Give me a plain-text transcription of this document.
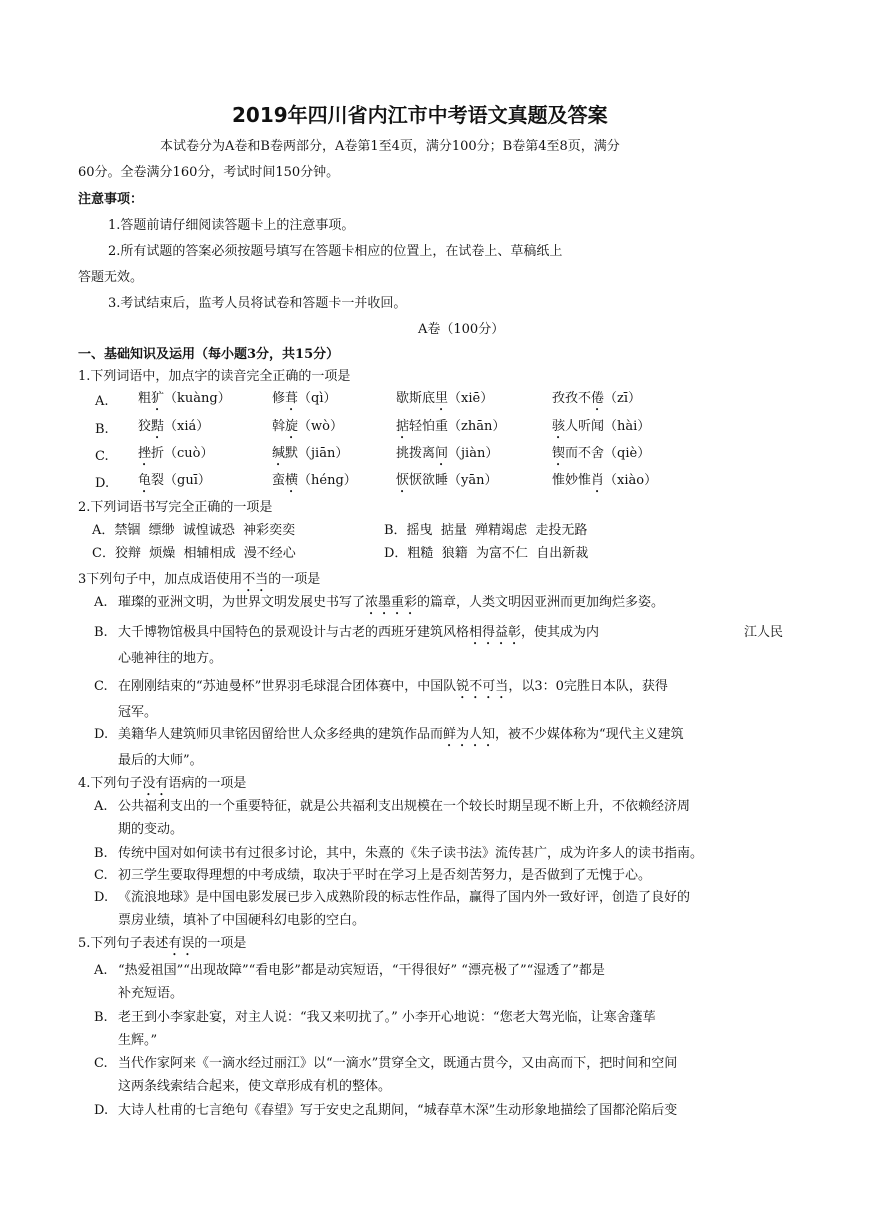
2019年四川省内江市中考语文真题及答案
本试卷分为A卷和B卷两部分，A卷第1至4页，满分100分；B卷第4至8页，满分
60分。全卷满分160分，考试时间150分钟。
注意事项：
1.答题前请仔细阅读答题卡上的注意事项。
2.所有试题的答案必须按题号填写在答题卡相应的位置上，在试卷上、草稿纸上
答题无效。
3.考试结束后，监考人员将试卷和答题卡一并收回。
A卷（100分）
一、基础知识及运用（每小题3分，共15分）
1.下列词语中，加点字的读音完全正确的一项是
A. 粗犷（kuàng）	修葺（qì）	歇斯底里（xiē）	孜孜不倦（zī）
B. 狡黠（xiá）	斡旋（wò）	掂轻怕重（zhān）	骇人听闻（hài）
C. 挫折（cuò）	缄默（jiān）	挑拨离间（jiàn）	锲而不舍（qiè）
D. 龟裂（guī）	蛮横（héng）	恹恹欲睡（yān）	惟妙惟肖（xiào）
2.下列词语书写完全正确的一项是
A．禁锢  缥缈  诚惶诚恐  神彩奕奕	B．摇曳  掂量  殚精竭虑  走投无路
C．狡辩  烦燥  相辅相成  漫不经心	D．粗糙  狼籍  为富不仁  自出新裁
3下列句子中，加点成语使用不当的一项是
A. 璀璨的亚洲文明，为世界文明发展史书写了浓墨重彩的篇章，人类文明因亚洲而更加绚烂多姿。
B. 大千博物馆极具中国特色的景观设计与古老的西班牙建筑风格相得益彰，使其成为内	江人民
心驰神往的地方。
C. 在刚刚结束的“苏迪曼杯”世界羽毛球混合团体赛中，中国队锐不可当，以3：0完胜日本队，获得
冠军。
D. 美籍华人建筑师贝聿铭因留给世人众多经典的建筑作品而鲜为人知，被不少媒体称为“现代主义建筑
最后的大师”。
4.下列句子没有语病的一项是
A. 公共福利支出的一个重要特征，就是公共福利支出规模在一个较长时期呈现不断上升，不依赖经济周
期的变动。
B. 传统中国对如何读书有过很多讨论，其中，朱熹的《朱子读书法》流传甚广，成为许多人的读书指南。
C. 初三学生要取得理想的中考成绩，取决于平时在学习上是否刻苦努力，是否做到了无愧于心。
D. 《流浪地球》是中国电影发展已步入成熟阶段的标志性作品，赢得了国内外一致好评，创造了良好的
票房业绩，填补了中国硬科幻电影的空白。
5.下列句子表述有误的一项是
A. “热爱祖国”“出现故障”“看电影”都是动宾短语，“干得很好” “漂亮极了”“湿透了”都是
补充短语。
B. 老王到小李家赴宴，对主人说：“我又来叨扰了。” 小李开心地说：“您老大驾光临，让寒舍蓬荜
生辉。”
C. 当代作家阿来《一滴水经过丽江》以“一滴水”贯穿全文，既通古贯今，又由高而下，把时间和空间
这两条线索结合起来，使文章形成有机的整体。
D. 大诗人杜甫的七言绝句《春望》写于安史之乱期间，“城春草木深”生动形象地描绘了国都沦陷后变
